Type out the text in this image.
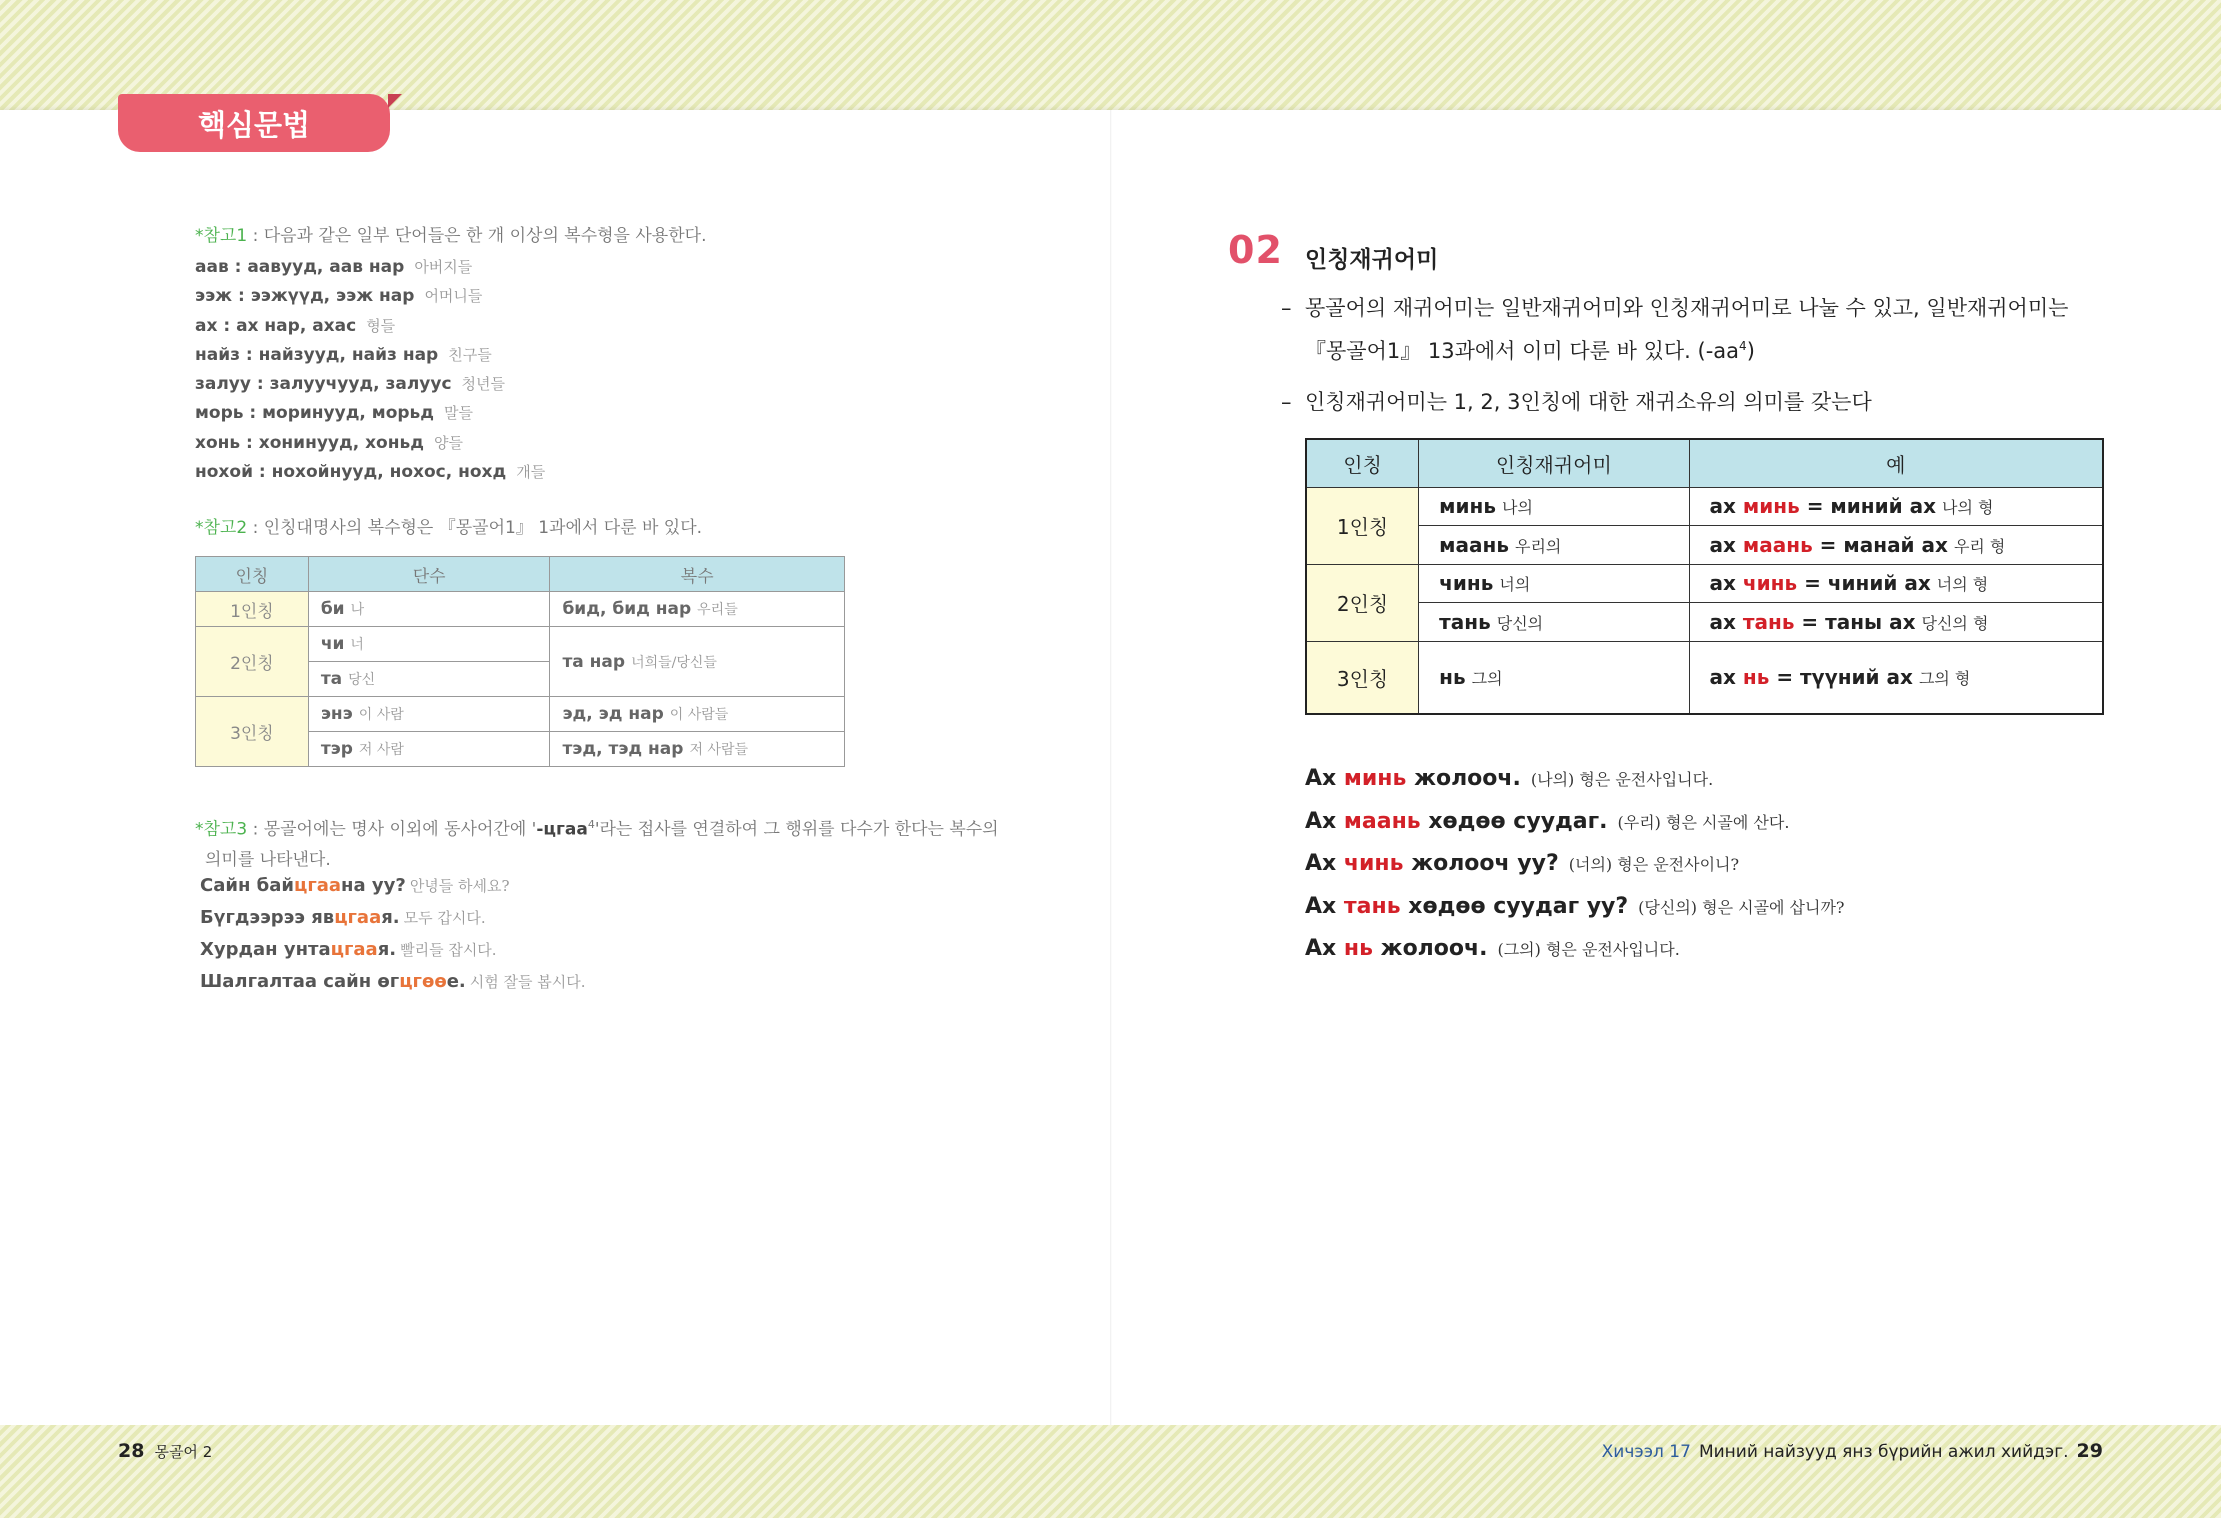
핵심문법
*참고1 : 다음과 같은 일부 단어들은 한 개 이상의 복수형을 사용한다.
аав : аавууд, аав нар 아버지들
ээж : ээжүүд, ээж нар 어머니들
ах : ах нар, ахас 형들
найз : найзууд, найз нар 친구들
залуу : залуучууд, залуус 청년들
морь : моринууд, морьд 말들
хонь : хонинууд, хоньд 양들
нохой : нохойнууд, нохос, нохд 개들
*참고2 : 인칭대명사의 복수형은 『몽골어1』 1과에서 다룬 바 있다.
인칭	단수	복수
1인칭	би 나	бид, бид нар 우리들
2인칭	чи 너	та нар 너희들/당신들
	та 당신	
3인칭	энэ 이 사람	эд, эд нар 이 사람들
	тэр 저 사람	тэд, тэд нар 저 사람들
*참고3 : 몽골어에는 명사 이외에 동사어간에 '-цгаа$^4$'라는 접사를 연결하여 그 행위를 다수가 한다는 복수의
의미를 나타낸다.
Сайн байцгаана уу? 안녕들 하세요?
Бүгдээрээ явцгаая. 모두 갑시다.
Хурдан унтацгаая. 빨리들 잡시다.
Шалгалтаа сайн өгцгөөе. 시험 잘들 봅시다.
02 인칭재귀어미
– 몽골어의 재귀어미는 일반재귀어미와 인칭재귀어미로 나눌 수 있고, 일반재귀어미는
『몽골어1』 13과에서 이미 다룬 바 있다. $(-аа^4)$
– 인칭재귀어미는 1, 2, 3인칭에 대한 재귀소유의 의미를 갖는다
인칭	인칭재귀어미	예
1인칭	минь 나의	ах минь = миний ах 나의 형
	маань 우리의	ах маань = манай ах 우리 형
2인칭	чинь 너의	ах чинь = чиний ах 너의 형
	тань 당신의	ах тань = таны ах 당신의 형
3인칭	нь 그의	ах нь = түүний ах 그의 형
Ах минь жолооч. (나의) 형은 운전사입니다.
Ах маань хөдөө суудаг. (우리) 형은 시골에 산다.
Ах чинь жолооч уу? (너의) 형은 운전사이니?
Ах тань хөдөө суудаг уу? (당신의) 형은 시골에 삽니까?
Ах нь жолооч. (그의) 형은 운전사입니다.
28 몽골어 2	Хичээл 17 Миний найзууд янз бүрийн ажил хийдэг. 29
